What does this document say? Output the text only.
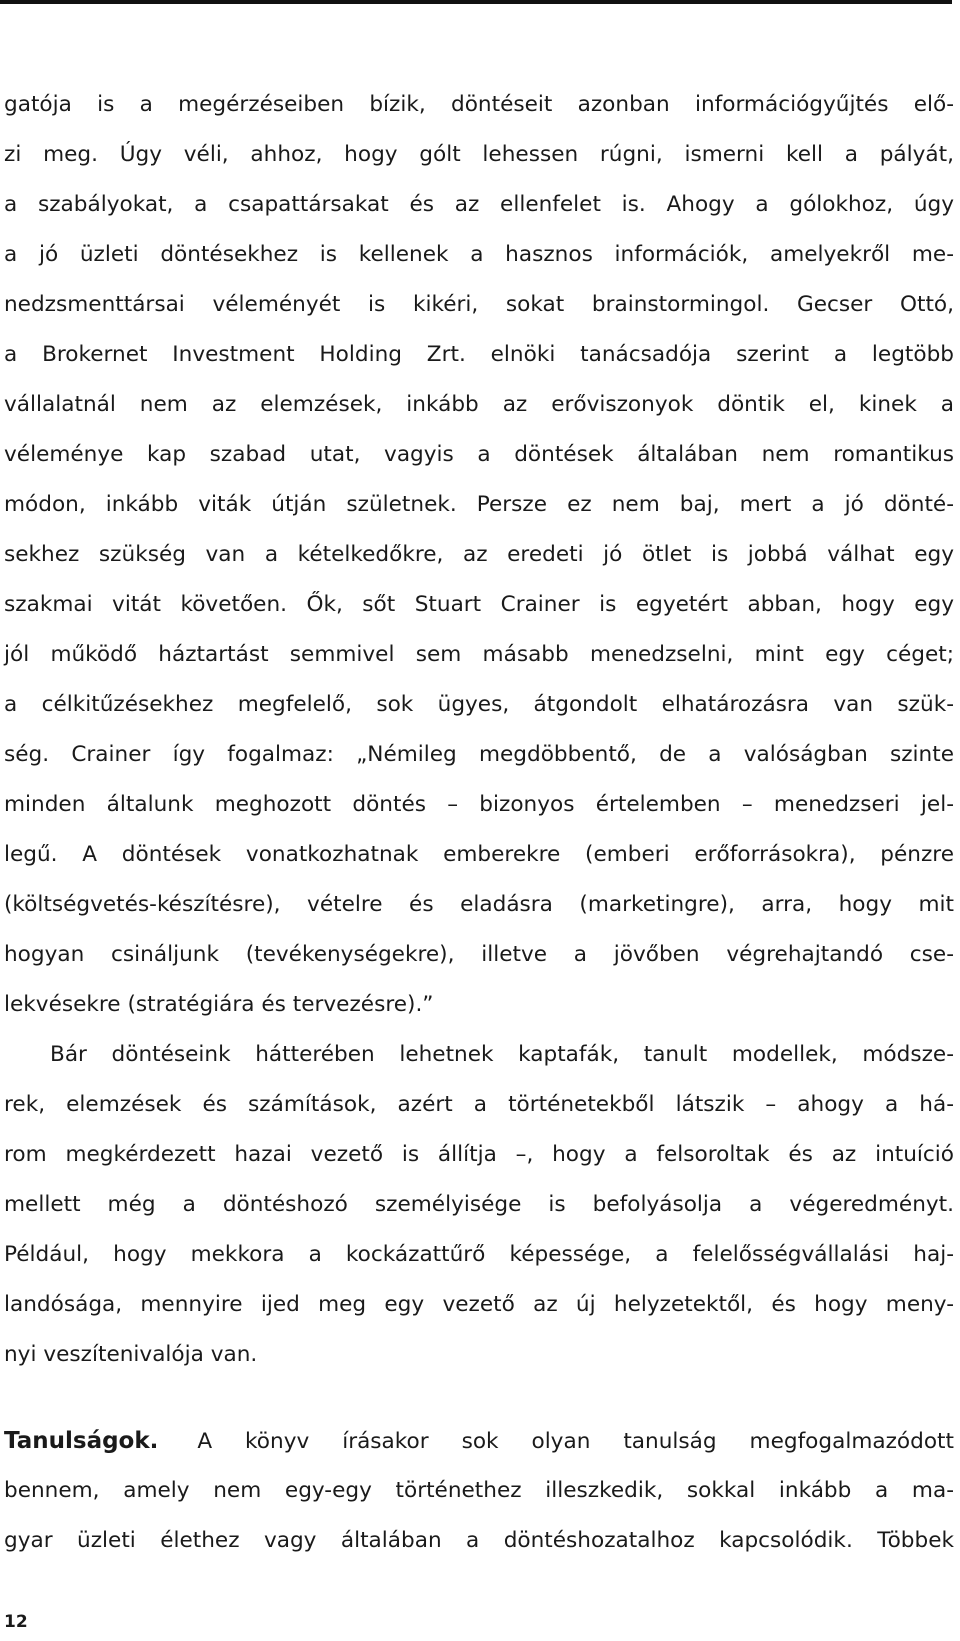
gatója is a megérzéseiben bízik, döntéseit azonban információgyűjtés elő-
zi meg. Úgy véli, ahhoz, hogy gólt lehessen rúgni, ismerni kell a pályát,
a szabályokat, a csapattársakat és az ellenfelet is. Ahogy a gólokhoz, úgy
a jó üzleti döntésekhez is kellenek a hasznos információk, amelyekről me-
nedzsmenttársai véleményét is kikéri, sokat brainstormingol. Gecser Ottó,
a Brokernet Investment Holding Zrt. elnöki tanácsadója szerint a legtöbb
vállalatnál nem az elemzések, inkább az erőviszonyok döntik el, kinek a
véleménye kap szabad utat, vagyis a döntések általában nem romantikus
módon, inkább viták útján születnek. Persze ez nem baj, mert a jó dönté-
sekhez szükség van a kételkedőkre, az eredeti jó ötlet is jobbá válhat egy
szakmai vitát követően. Ők, sőt Stuart Crainer is egyetért abban, hogy egy
jól működő háztartást semmivel sem másabb menedzselni, mint egy céget;
a célkitűzésekhez megfelelő, sok ügyes, átgondolt elhatározásra van szük-
ség. Crainer így fogalmaz: „Némileg megdöbbentő, de a valóságban szinte
minden általunk meghozott döntés – bizonyos értelemben – menedzseri jel-
legű. A döntések vonatkozhatnak emberekre (emberi erőforrásokra), pénzre
(költségvetés-készítésre), vételre és eladásra (marketingre), arra, hogy mit
hogyan csináljunk (tevékenységekre), illetve a jövőben végrehajtandó cse-
lekvésekre (stratégiára és tervezésre).”
Bár döntéseink hátterében lehetnek kaptafák, tanult modellek, módsze-
rek, elemzések és számítások, azért a történetekből látszik – ahogy a há-
rom megkérdezett hazai vezető is állítja –, hogy a felsoroltak és az intuíció
mellett még a döntéshozó személyisége is befolyásolja a végeredményt.
Például, hogy mekkora a kockázattűrő képessége, a felelősségvállalási haj-
landósága, mennyire ijed meg egy vezető az új helyzetektől, és hogy meny-
nyi veszítenivalója van.
Tanulságok. A könyv írásakor sok olyan tanulság megfogalmazódott
bennem, amely nem egy-egy történethez illeszkedik, sokkal inkább a ma-
gyar üzleti élethez vagy általában a döntéshozatalhoz kapcsolódik. Többek
12
